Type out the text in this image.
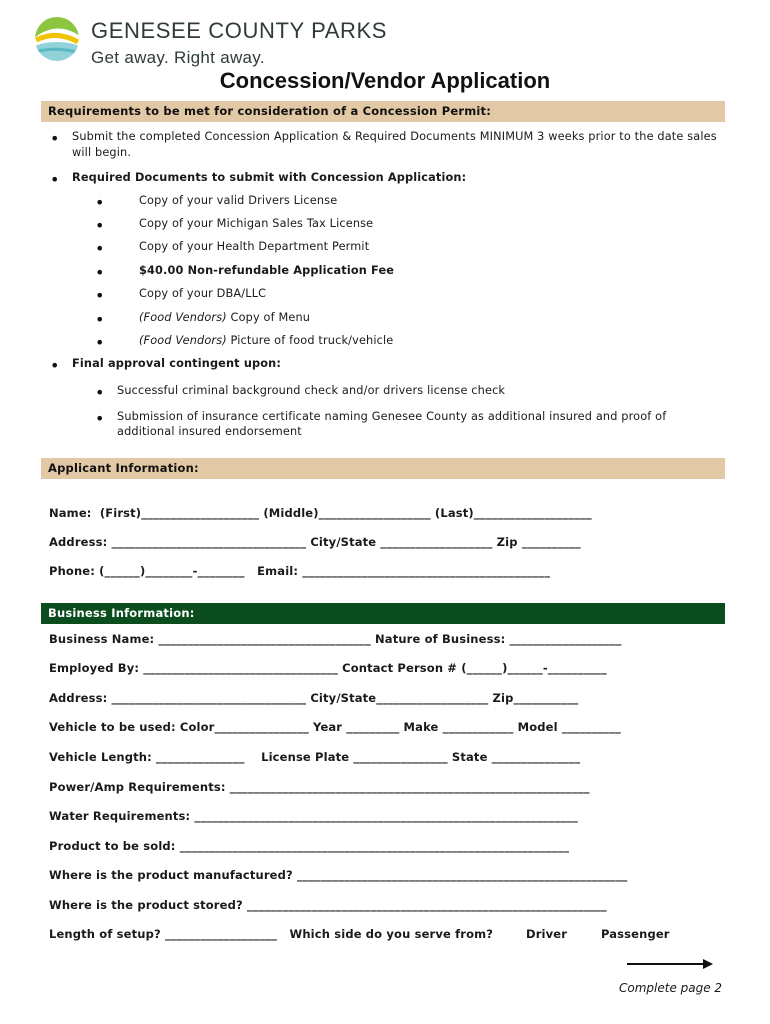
GENESEE COUNTY PARKS
Get away. Right away.
Concession/Vendor Application
Requirements to be met for consideration of a Concession Permit:
• Submit the completed Concession Application & Required Documents MINIMUM 3 weeks prior to the date sales
will begin.
• Required Documents to submit with Concession Application:
•	Copy of your valid Drivers License
•	Copy of your Michigan Sales Tax License
•	Copy of your Health Department Permit
•	$40.00 Non-refundable Application Fee
•	Copy of your DBA/LLC
•	(Food Vendors) Copy of Menu
•	(Food Vendors) Picture of food truck/vehicle
• Final approval contingent upon:
• Successful criminal background check and/or drivers license check
• Submission of insurance certificate naming Genesee County as additional insured and proof of
additional insured endorsement
Applicant Information:
Name:  (First)____________________ (Middle)___________________ (Last)____________________
Address: _________________________________ City/State ___________________ Zip __________
Phone: (______)________-________   Email: __________________________________________
Business Information:
Business Name: ____________________________________ Nature of Business: ___________________
Employed By: _________________________________ Contact Person # (______)______-__________
Address: _________________________________ City/State___________________ Zip___________
Vehicle to be used: Color________________ Year _________ Make ____________ Model __________
Vehicle Length: _______________    License Plate ________________ State _______________
Power/Amp Requirements: _____________________________________________________________
Water Requirements: _________________________________________________________________
Product to be sold: __________________________________________________________________
Where is the product manufactured? ________________________________________________________
Where is the product stored? _____________________________________________________________
Length of setup? ___________________   Which side do you serve from?	Driver	Passenger
Complete page 2
